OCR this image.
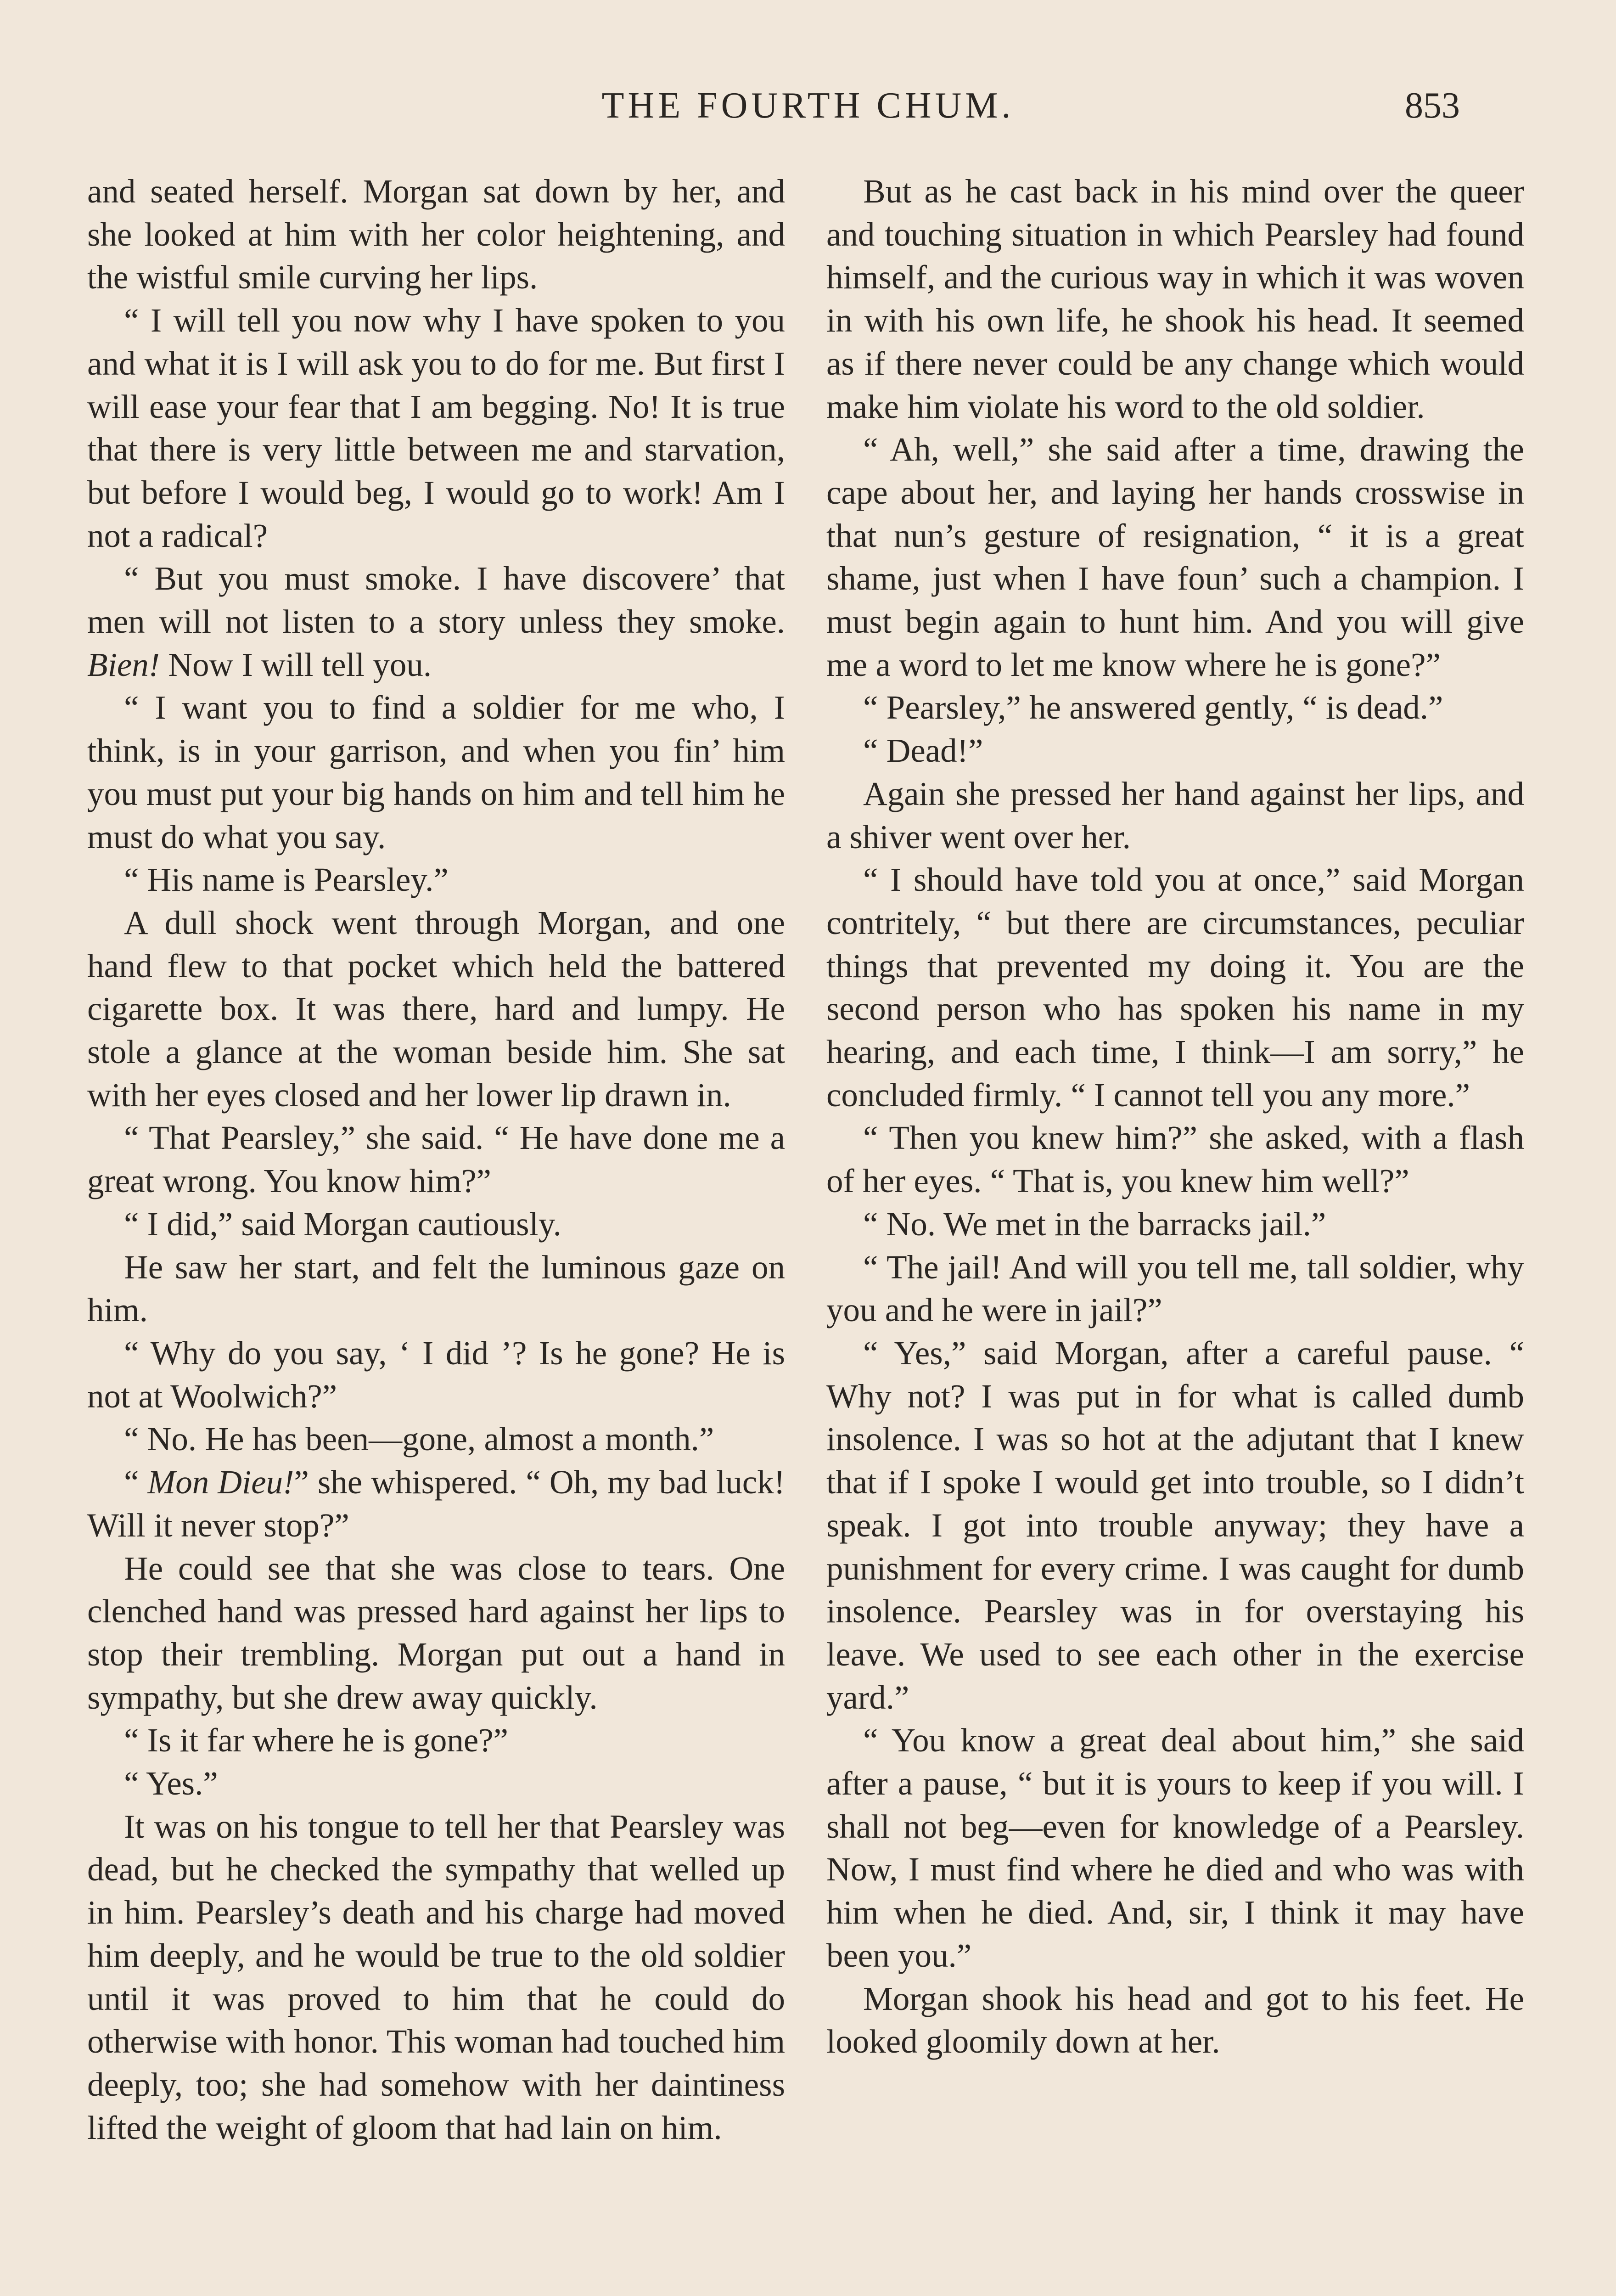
THE FOURTH CHUM.	853

and seated herself. Morgan sat down by her, and she looked at him with her color heightening, and the wistful smile curving her lips.

“ I will tell you now why I have spoken to you and what it is I will ask you to do for me. But first I will ease your fear that I am begging. No! It is true that there is very little between me and starvation, but before I would beg, I would go to work! Am I not a radical?

“ But you must smoke. I have discovere’ that men will not listen to a story unless they smoke. Bien! Now I will tell you.

“ I want you to find a soldier for me who, I think, is in your garrison, and when you fin’ him you must put your big hands on him and tell him he must do what you say.

“ His name is Pearsley.”

A dull shock went through Morgan, and one hand flew to that pocket which held the battered cigarette box. It was there, hard and lumpy. He stole a glance at the woman beside him. She sat with her eyes closed and her lower lip drawn in.

“ That Pearsley,” she said. “ He have done me a great wrong. You know him?”

“ I did,” said Morgan cautiously.

He saw her start, and felt the luminous gaze on him.

“ Why do you say, ‘ I did ’? Is he gone? He is not at Woolwich?”

“ No. He has been—gone, almost a month.”

“ Mon Dieu!” she whispered. “ Oh, my bad luck! Will it never stop?”

He could see that she was close to tears. One clenched hand was pressed hard against her lips to stop their trembling. Morgan put out a hand in sympathy, but she drew away quickly.

“ Is it far where he is gone?”

“ Yes.”

It was on his tongue to tell her that Pearsley was dead, but he checked the sympathy that welled up in him. Pearsley’s death and his charge had moved him deeply, and he would be true to the old soldier until it was proved to him that he could do otherwise with honor. This woman had touched him deeply, too; she had somehow with her daintiness lifted the weight of gloom that had lain on him.

But as he cast back in his mind over the queer and touching situation in which Pearsley had found himself, and the curious way in which it was woven in with his own life, he shook his head. It seemed as if there never could be any change which would make him violate his word to the old soldier.

“ Ah, well,” she said after a time, drawing the cape about her, and laying her hands crosswise in that nun’s gesture of resignation, “ it is a great shame, just when I have foun’ such a champion. I must begin again to hunt him. And you will give me a word to let me know where he is gone?”

“ Pearsley,” he answered gently, “ is dead.”

“ Dead!”

Again she pressed her hand against her lips, and a shiver went over her.

“ I should have told you at once,” said Morgan contritely, “ but there are circumstances, peculiar things that prevented my doing it. You are the second person who has spoken his name in my hearing, and each time, I think—I am sorry,” he concluded firmly. “ I cannot tell you any more.”

“ Then you knew him?” she asked, with a flash of her eyes. “ That is, you knew him well?”

“ No. We met in the barracks jail.”

“ The jail! And will you tell me, tall soldier, why you and he were in jail?”

“ Yes,” said Morgan, after a careful pause. “ Why not? I was put in for what is called dumb insolence. I was so hot at the adjutant that I knew that if I spoke I would get into trouble, so I didn’t speak. I got into trouble anyway; they have a punishment for every crime. I was caught for dumb insolence. Pearsley was in for overstaying his leave. We used to see each other in the exercise yard.”

“ You know a great deal about him,” she said after a pause, “ but it is yours to keep if you will. I shall not beg—even for knowledge of a Pearsley. Now, I must find where he died and who was with him when he died. And, sir, I think it may have been you.”

Morgan shook his head and got to his feet. He looked gloomily down at her.
